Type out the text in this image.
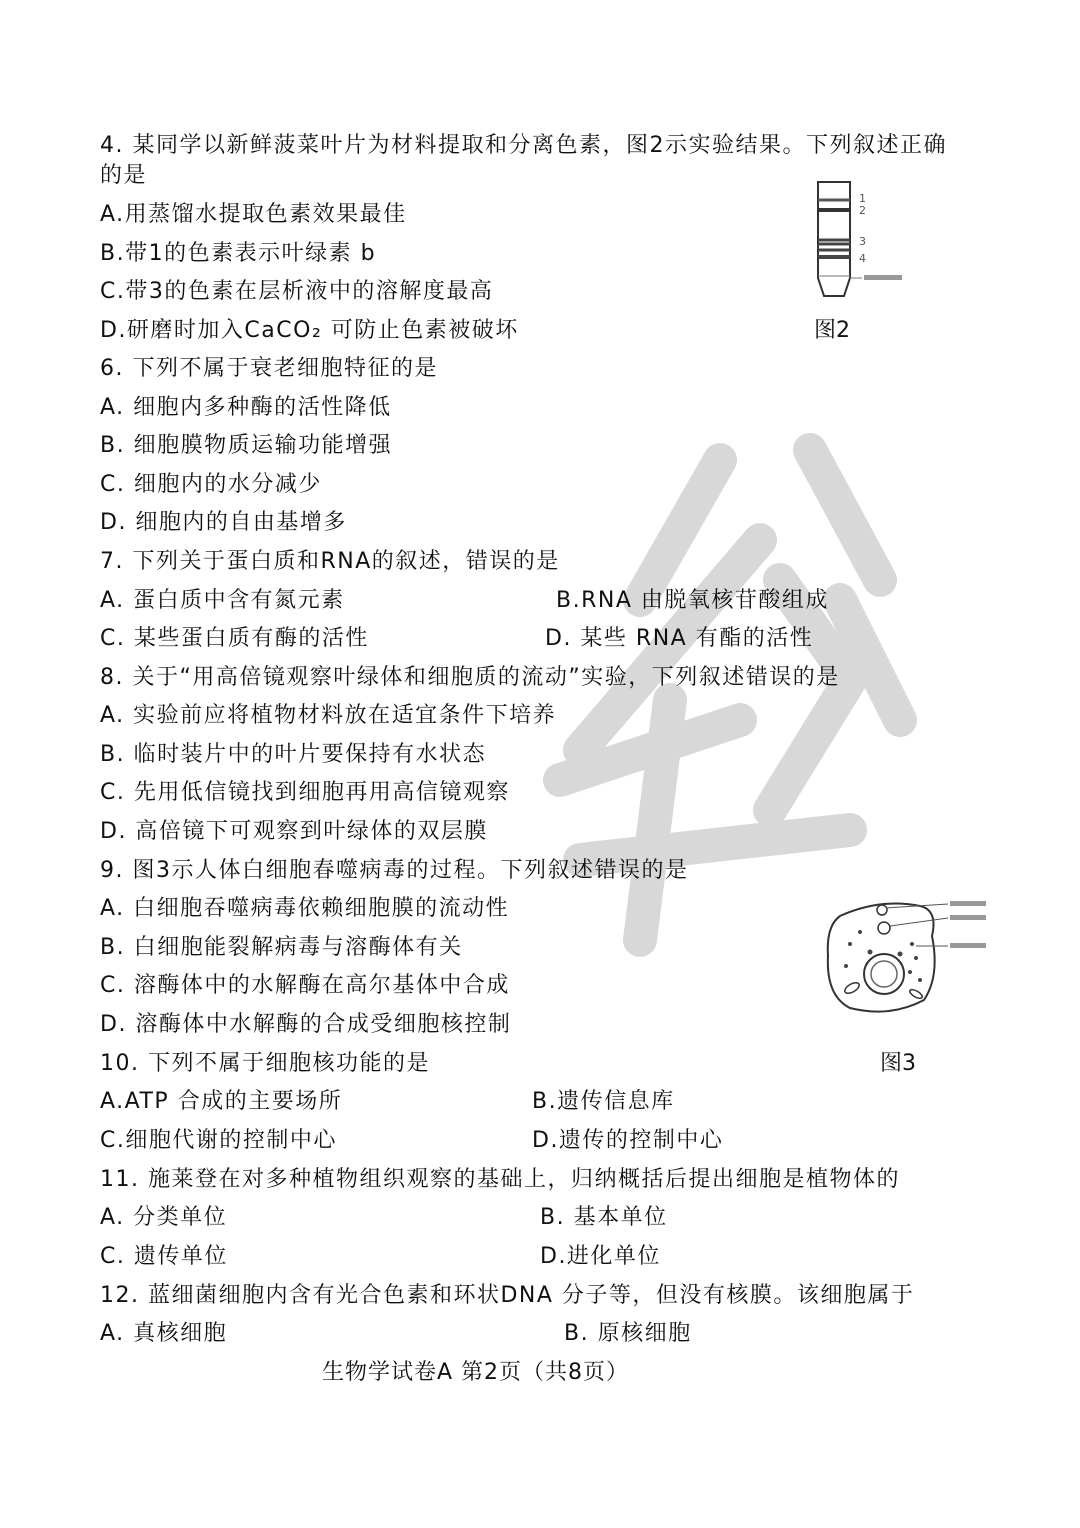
4. 某同学以新鲜菠菜叶片为材料提取和分离色素，图2示实验结果。下列叙述正确
的是
A.用蒸馏水提取色素效果最佳
B.带1的色素表示叶绿素 b
C.带3的色素在层析液中的溶解度最高
D.研磨时加入CaCO₂ 可防止色素被破坏
1
2
3
4
图2
6. 下列不属于衰老细胞特征的是
A. 细胞内多种酶的活性降低
B. 细胞膜物质运输功能增强
C. 细胞内的水分减少
D. 细胞内的自由基增多
7. 下列关于蛋白质和RNA的叙述，错误的是
A. 蛋白质中含有氮元素	B.RNA 由脱氧核苷酸组成
C. 某些蛋白质有酶的活性	D. 某些 RNA 有酯的活性
8. 关于“用高倍镜观察叶绿体和细胞质的流动”实验，下列叙述错误的是
A. 实验前应将植物材料放在适宜条件下培养
B. 临时装片中的叶片要保持有水状态
C. 先用低信镜找到细胞再用高信镜观察
D. 高倍镜下可观察到叶绿体的双层膜
9. 图3示人体白细胞春噬病毒的过程。下列叙述错误的是
A. 白细胞吞噬病毒依赖细胞膜的流动性
B. 白细胞能裂解病毒与溶酶体有关
C. 溶酶体中的水解酶在高尔基体中合成
D. 溶酶体中水解酶的合成受细胞核控制
图3
10. 下列不属于细胞核功能的是
A.ATP 合成的主要场所	B.遗传信息库
C.细胞代谢的控制中心	D.遗传的控制中心
11. 施莱登在对多种植物组织观察的基础上，归纳概括后提出细胞是植物体的
A. 分类单位	B. 基本单位
C. 遗传单位	D.进化单位
12. 蓝细菌细胞内含有光合色素和环状DNA 分子等，但没有核膜。该细胞属于
A. 真核细胞	B. 原核细胞
生物学试卷A 第2页（共8页）
